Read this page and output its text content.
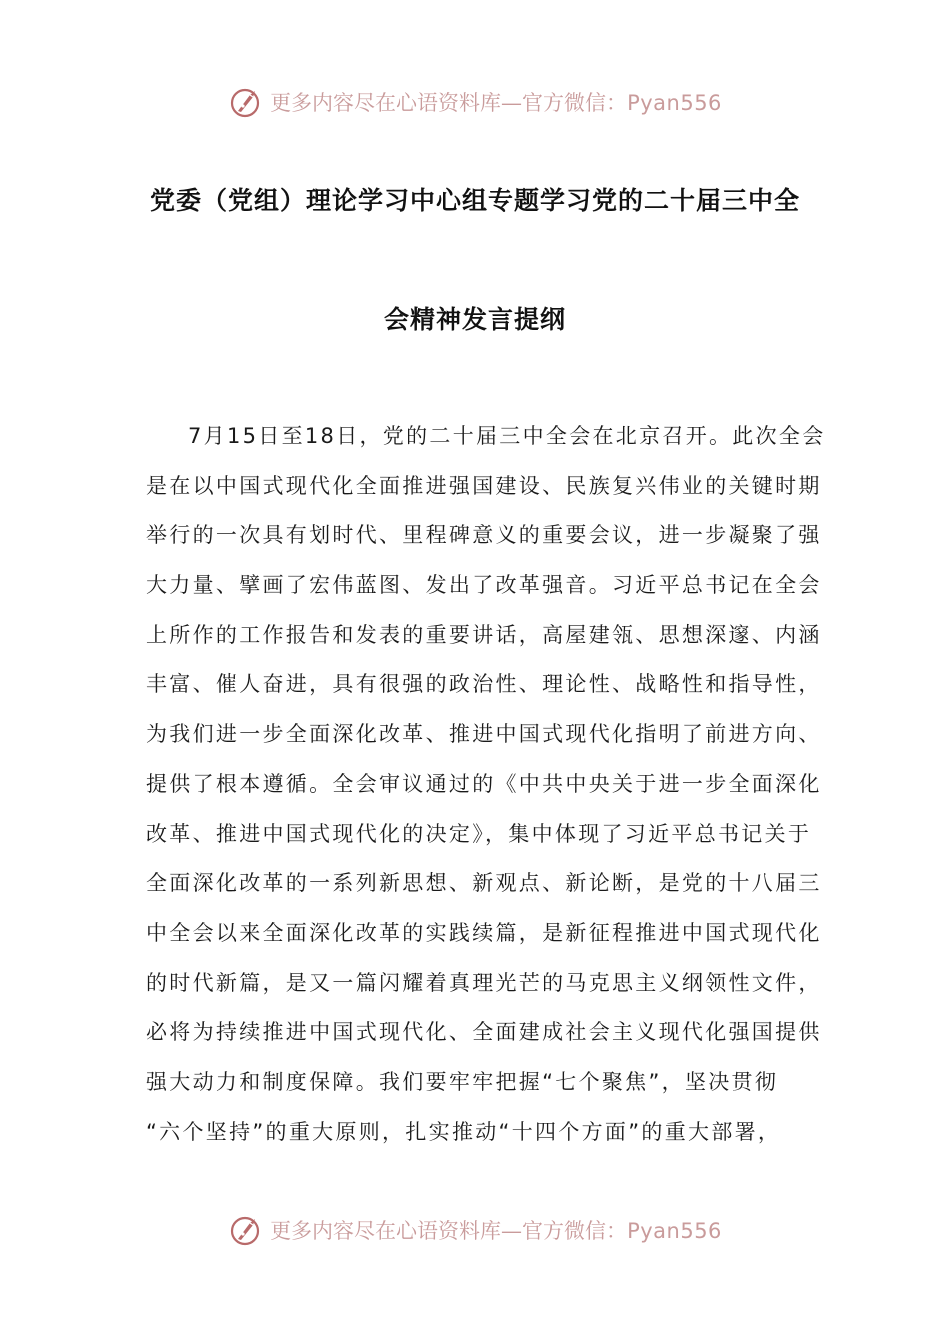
更多内容尽在心语资料库—官方微信：Pyan556
党委（党组）理论学习中心组专题学习党的二十届三中全
会精神发言提纲
7月15日至18日，党的二十届三中全会在北京召开。此次全会
是在以中国式现代化全面推进强国建设、民族复兴伟业的关键时期
举行的一次具有划时代、里程碑意义的重要会议，进一步凝聚了强
大力量、擘画了宏伟蓝图、发出了改革强音。习近平总书记在全会
上所作的工作报告和发表的重要讲话，高屋建瓴、思想深邃、内涵
丰富、催人奋进，具有很强的政治性、理论性、战略性和指导性，
为我们进一步全面深化改革、推进中国式现代化指明了前进方向、
提供了根本遵循。全会审议通过的《中共中央关于进一步全面深化
改革、推进中国式现代化的决定》，集中体现了习近平总书记关于
全面深化改革的一系列新思想、新观点、新论断，是党的十八届三
中全会以来全面深化改革的实践续篇，是新征程推进中国式现代化
的时代新篇，是又一篇闪耀着真理光芒的马克思主义纲领性文件，
必将为持续推进中国式现代化、全面建成社会主义现代化强国提供
强大动力和制度保障。我们要牢牢把握“七个聚焦”，坚决贯彻
“六个坚持”的重大原则，扎实推动“十四个方面”的重大部署，
更多内容尽在心语资料库—官方微信：Pyan556
